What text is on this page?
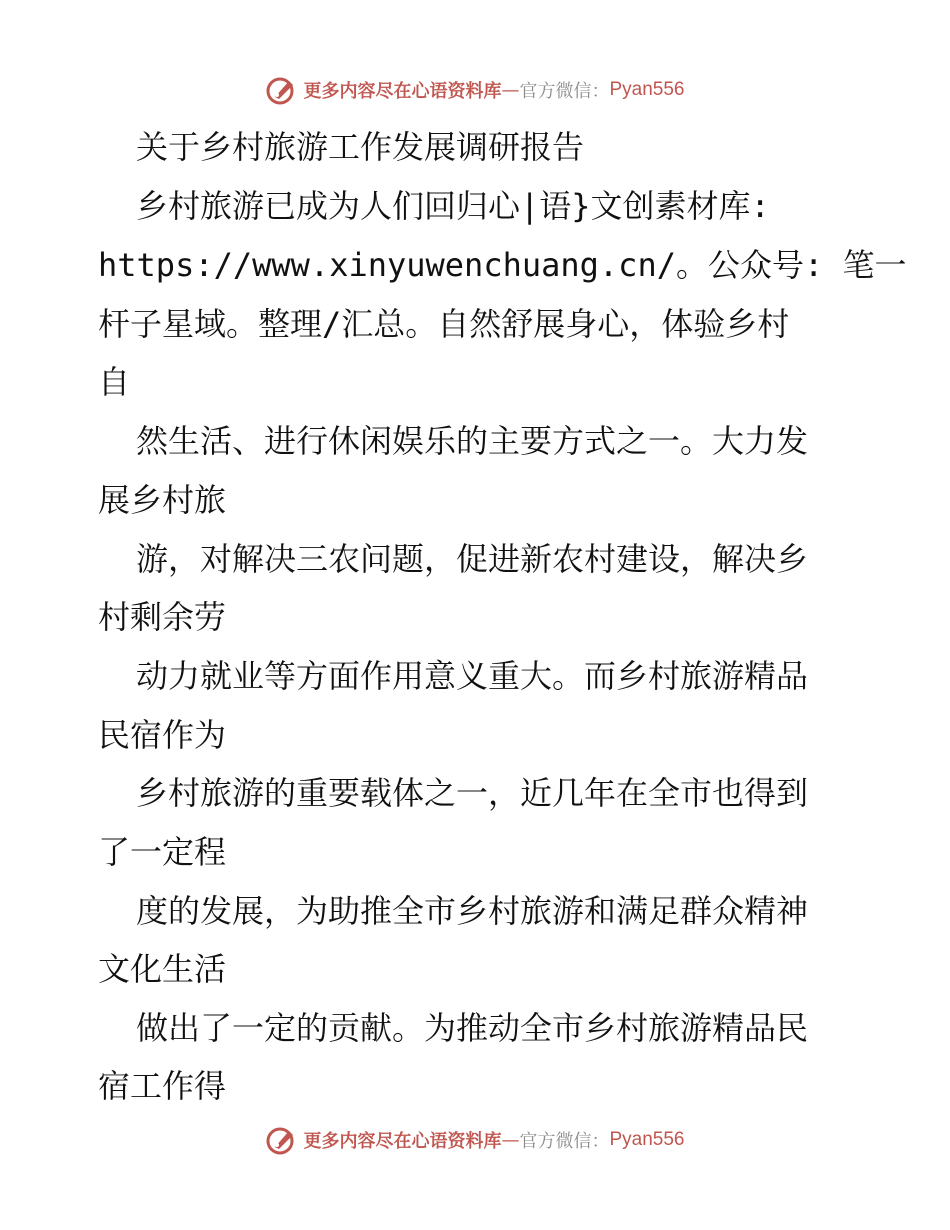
更多内容尽在心语资料库 — 官方微信： Pyan556

关于乡村旅游工作发展调研报告

乡村旅游已成为人们回归心|语}文创素材库:

https://www.xinyuwenchuang.cn/。公众号: 笔一

杆子星域。整理/汇总。自然舒展身心，体验乡村

自

然生活、进行休闲娱乐的主要方式之一。大力发

展乡村旅

游，对解决三农问题，促进新农村建设，解决乡

村剩余劳

动力就业等方面作用意义重大。而乡村旅游精品

民宿作为

乡村旅游的重要载体之一，近几年在全市也得到

了一定程

度的发展，为助推全市乡村旅游和满足群众精神

文化生活

做出了一定的贡献。为推动全市乡村旅游精品民

宿工作得

更多内容尽在心语资料库 — 官方微信： Pyan556
